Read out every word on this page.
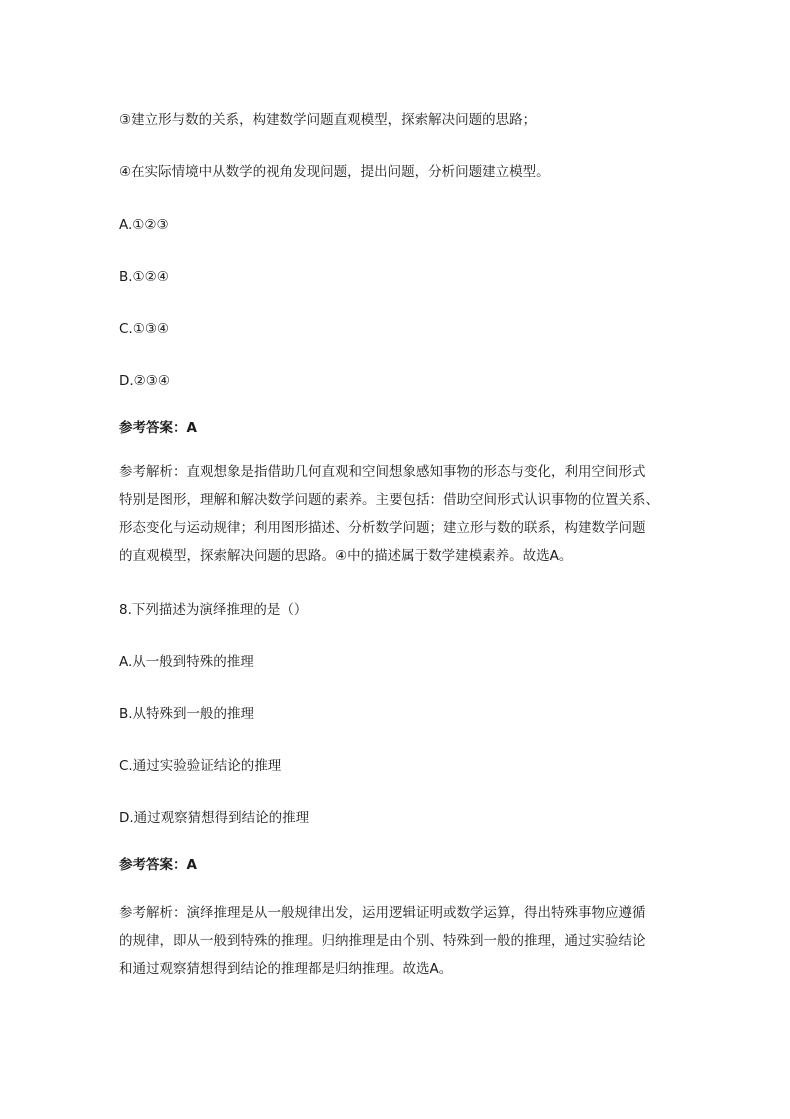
③建立形与数的关系，构建数学问题直观模型，探索解决问题的思路；
④在实际情境中从数学的视角发现问题，提出问题，分析问题建立模型。
A.①②③
B.①②④
C.①③④
D.②③④
参考答案：A
参考解析：直观想象是指借助几何直观和空间想象感知事物的形态与变化，利用空间形式
特别是图形，理解和解决数学问题的素养。主要包括：借助空间形式认识事物的位置关系、
形态变化与运动规律；利用图形描述、分析数学问题；建立形与数的联系，构建数学问题
的直观模型，探索解决问题的思路。④中的描述属于数学建模素养。故选A。
8.下列描述为演绎推理的是（）
A.从一般到特殊的推理
B.从特殊到一般的推理
C.通过实验验证结论的推理
D.通过观察猜想得到结论的推理
参考答案：A
参考解析：演绎推理是从一般规律出发，运用逻辑证明或数学运算，得出特殊事物应遵循
的规律，即从一般到特殊的推理。归纳推理是由个别、特殊到一般的推理，通过实验结论
和通过观察猜想得到结论的推理都是归纳推理。故选A。
